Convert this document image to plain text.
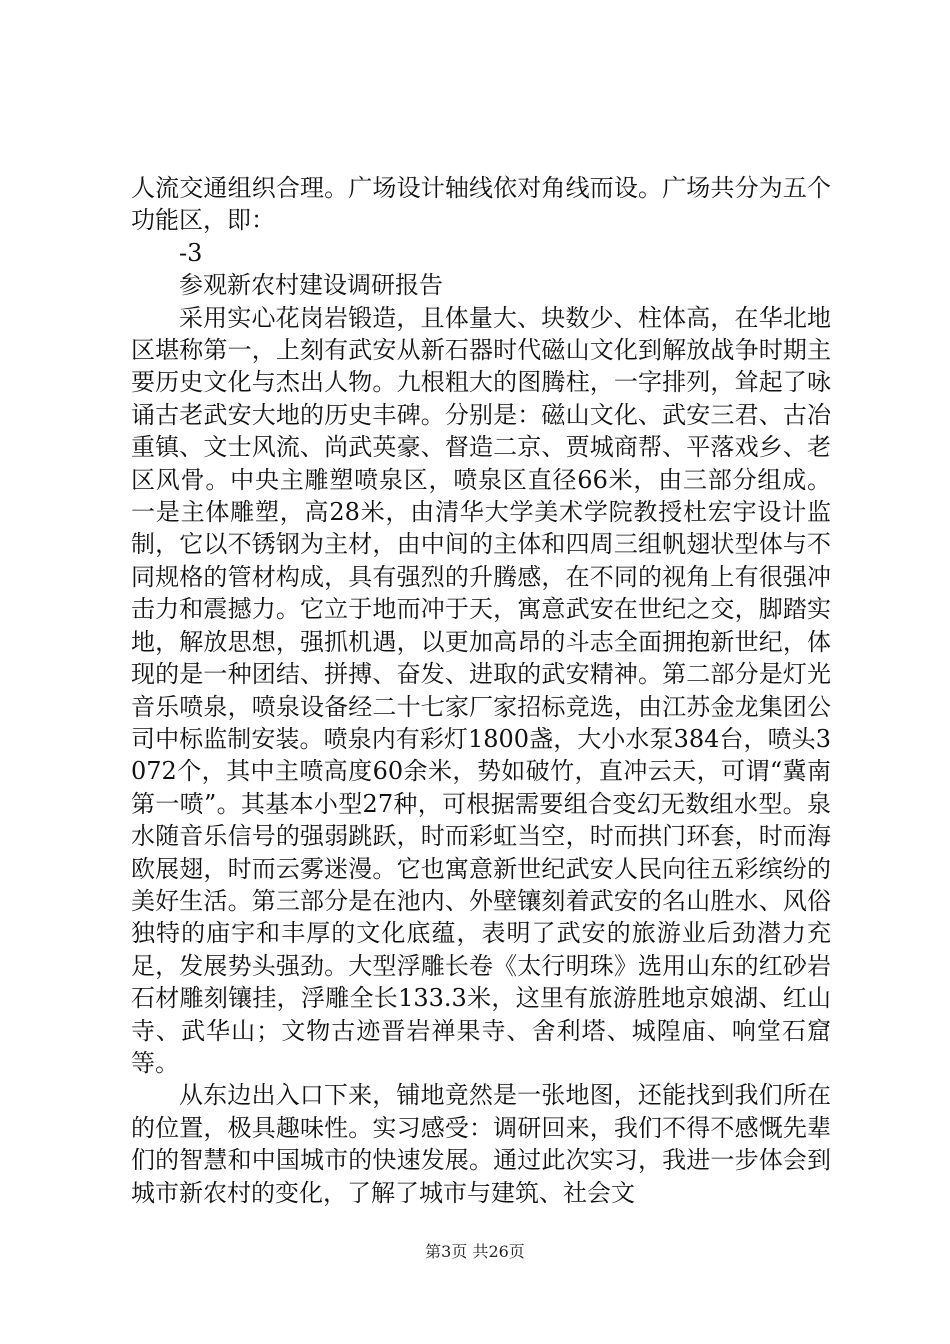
人流交通组织合理。广场设计轴线依对角线而设。广场共分为五个功能区，即：

-3

参观新农村建设调研报告

采用实心花岗岩锻造，且体量大、块数少、柱体高，在华北地区堪称第一，上刻有武安从新石器时代磁山文化到解放战争时期主要历史文化与杰出人物。九根粗大的图腾柱，一字排列，耸起了咏诵古老武安大地的历史丰碑。分别是：磁山文化、武安三君、古冶重镇、文士风流、尚武英豪、督造二京、贾城商帮、平落戏乡、老区风骨。中央主雕塑喷泉区，喷泉区直径66米，由三部分组成。一是主体雕塑，高28米，由清华大学美术学院教授杜宏宇设计监制，它以不锈钢为主材，由中间的主体和四周三组帆翅状型体与不同规格的管材构成，具有强烈的升腾感，在不同的视角上有很强冲击力和震撼力。它立于地而冲于天，寓意武安在世纪之交，脚踏实地，解放思想，强抓机遇，以更加高昂的斗志全面拥抱新世纪，体现的是一种团结、拼搏、奋发、进取的武安精神。第二部分是灯光音乐喷泉，喷泉设备经二十七家厂家招标竞选，由江苏金龙集团公司中标监制安装。喷泉内有彩灯1800盏，大小水泵384台，喷头3072个，其中主喷高度60余米，势如破竹，直冲云天，可谓“冀南第一喷”。其基本小型27种，可根据需要组合变幻无数组水型。泉水随音乐信号的强弱跳跃，时而彩虹当空，时而拱门环套，时而海欧展翅，时而云雾迷漫。它也寓意新世纪武安人民向往五彩缤纷的美好生活。第三部分是在池内、外壁镶刻着武安的名山胜水、风俗独特的庙宇和丰厚的文化底蕴，表明了武安的旅游业后劲潜力充足，发展势头强劲。大型浮雕长卷《太行明珠》选用山东的红砂岩石材雕刻镶挂，浮雕全长133.3米，这里有旅游胜地京娘湖、红山寺、武华山；文物古迹晋岩禅果寺、舍利塔、城隍庙、响堂石窟等。

从东边出入口下来，铺地竟然是一张地图，还能找到我们所在的位置，极具趣味性。实习感受：调研回来，我们不得不感慨先辈们的智慧和中国城市的快速发展。通过此次实习，我进一步体会到城市新农村的变化，了解了城市与建筑、社会文

第3页 共26页
